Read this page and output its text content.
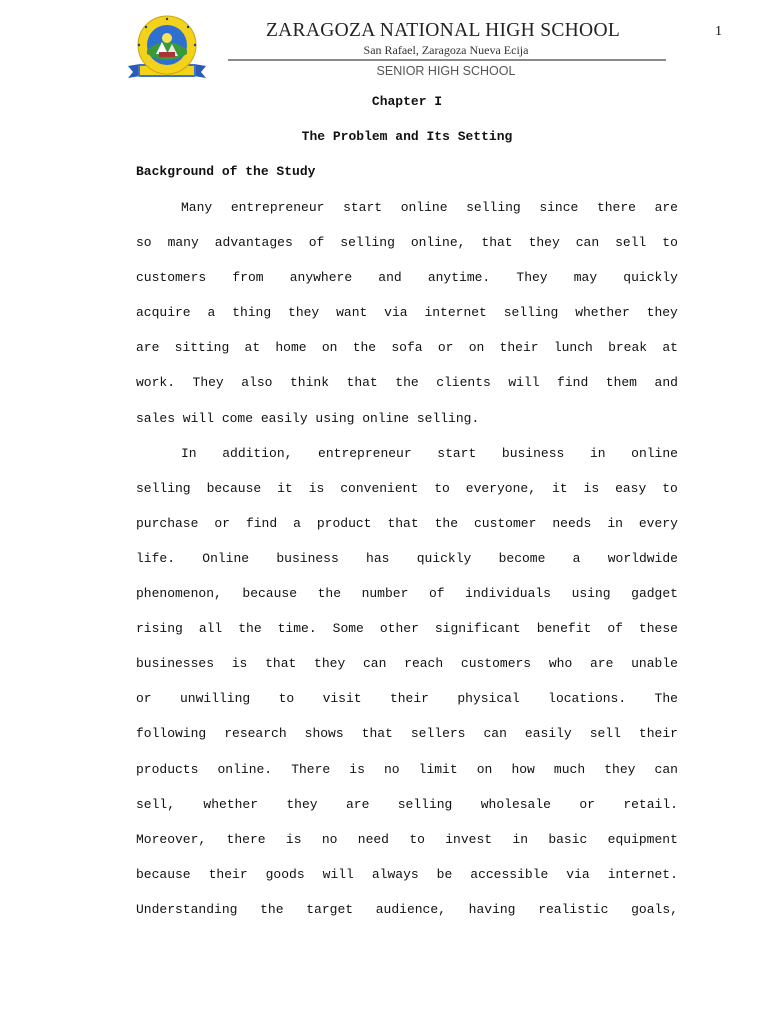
1
ZARAGOZA NATIONAL HIGH SCHOOL
San Rafael, Zaragoza Nueva Ecija
SENIOR HIGH SCHOOL
Chapter I
The Problem and Its Setting
Background of the Study
Many entrepreneur start online selling since there are
so many advantages of selling online, that they can sell to
customers from anywhere and anytime. They may quickly
acquire a thing they want via internet selling whether they
are sitting at home on the sofa or on their lunch break at
work. They also think that the clients will find them and
sales will come easily using online selling.
In addition, entrepreneur start business in online
selling because it is convenient to everyone, it is easy to
purchase or find a product that the customer needs in every
life. Online business has quickly become a worldwide
phenomenon, because the number of individuals using gadget
rising all the time. Some other significant benefit of these
businesses is that they can reach customers who are unable
or unwilling to visit their physical locations. The
following research shows that sellers can easily sell their
products online. There is no limit on how much they can
sell, whether they are selling wholesale or retail.
Moreover, there is no need to invest in basic equipment
because their goods will always be accessible via internet.
Understanding the target audience, having realistic goals,
